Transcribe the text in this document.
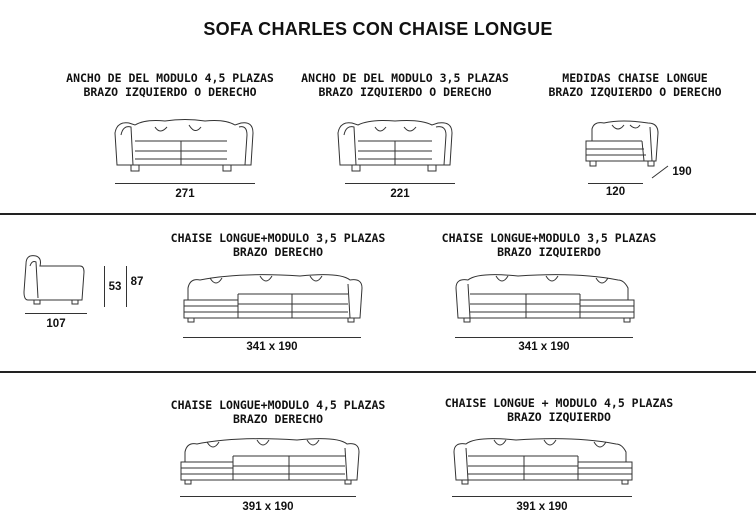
SOFA CHARLES CON CHAISE LONGUE
ANCHO DE DEL MODULO 4,5 PLAZAS
BRAZO IZQUIERDO O DERECHO
ANCHO DE DEL MODULO 3,5 PLAZAS
BRAZO IZQUIERDO O DERECHO
MEDIDAS CHAISE LONGUE
BRAZO IZQUIERDO O DERECHO
271	221	120
190
107
53 87
CHAISE LONGUE+MODULO 3,5 PLAZAS
BRAZO DERECHO
CHAISE LONGUE+MODULO 3,5 PLAZAS
BRAZO IZQUIERDO
341 x 190	341 x 190
CHAISE LONGUE+MODULO 4,5 PLAZAS
BRAZO DERECHO
CHAISE LONGUE + MODULO 4,5 PLAZAS
BRAZO IZQUIERDO
391 x 190	391 x 190
